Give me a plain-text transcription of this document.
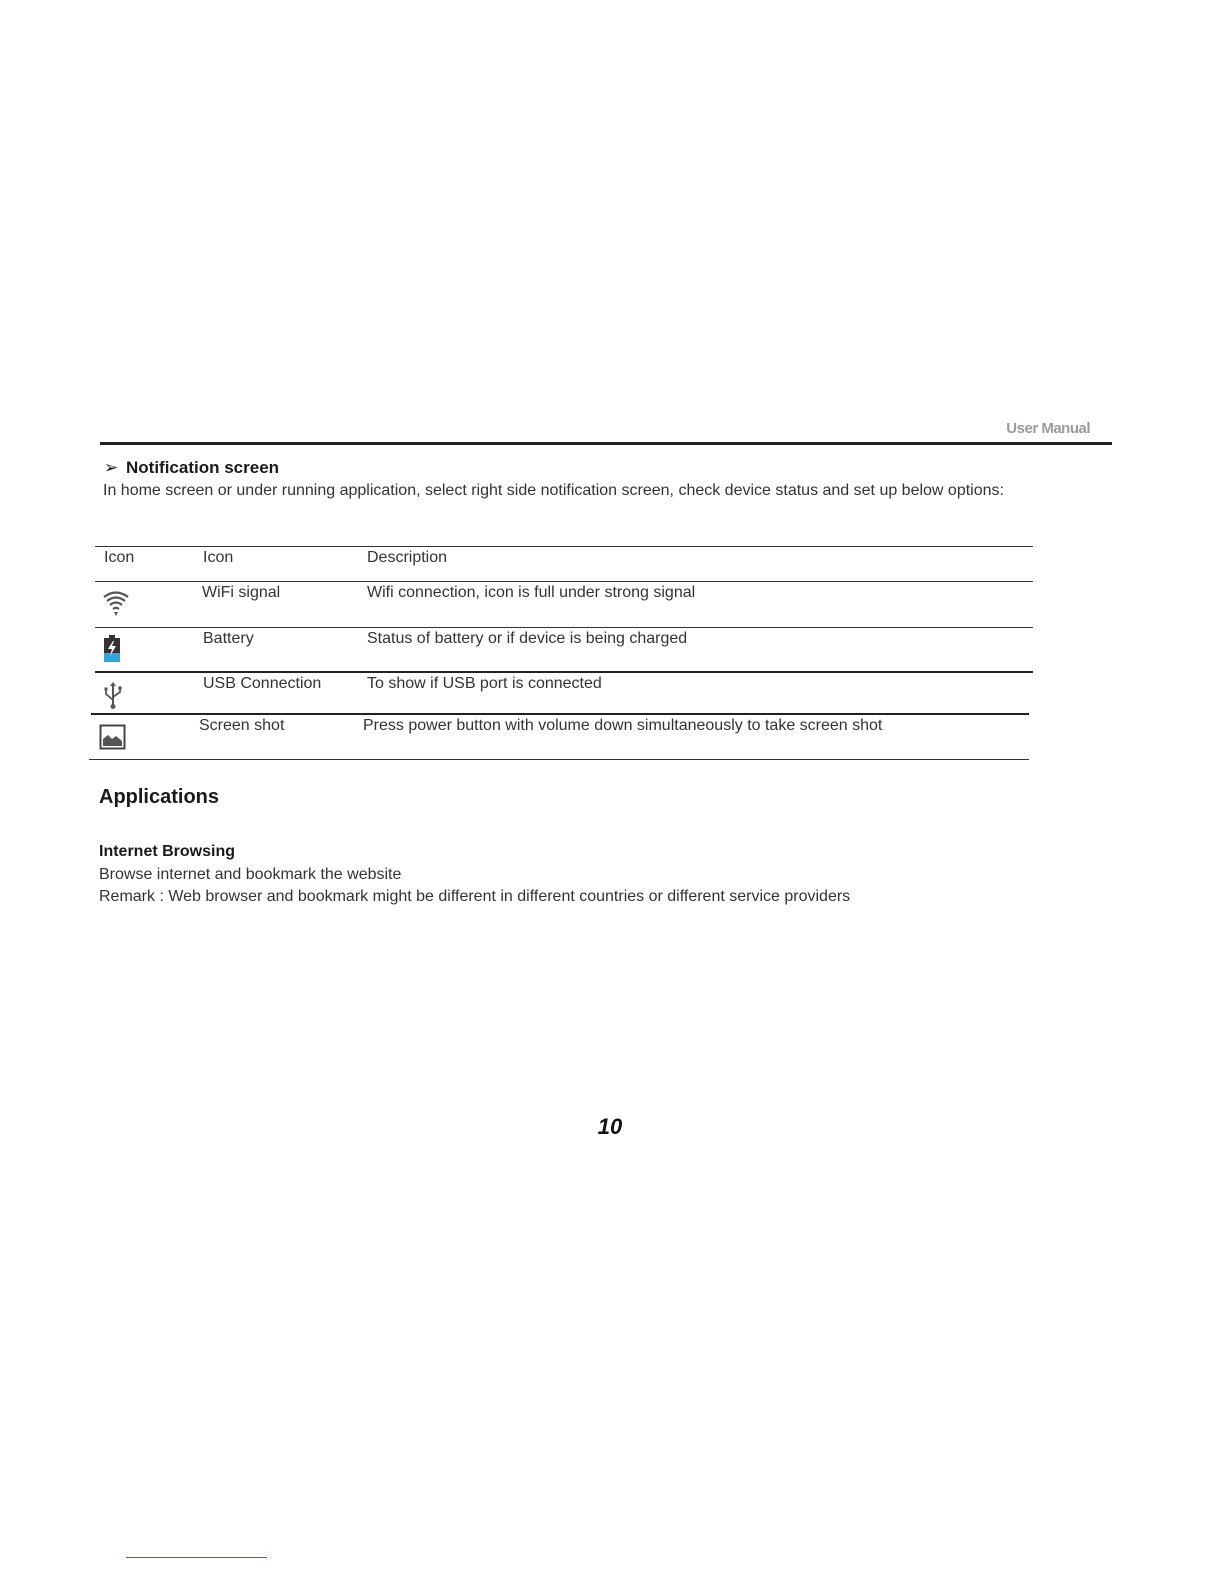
User Manual
➢ Notification screen
In home screen or under running application, select right side notification screen, check device status and set up below options:
Icon	Icon	Description
WiFi signal	Wifi connection, icon is full under strong signal
Battery	Status of battery or if device is being charged
USB Connection	To show if USB port is connected
Screen shot	Press power button with volume down simultaneously to take screen shot
Applications
Internet Browsing
Browse internet and bookmark the website
Remark : Web browser and bookmark might be different in different countries or different service providers
10
